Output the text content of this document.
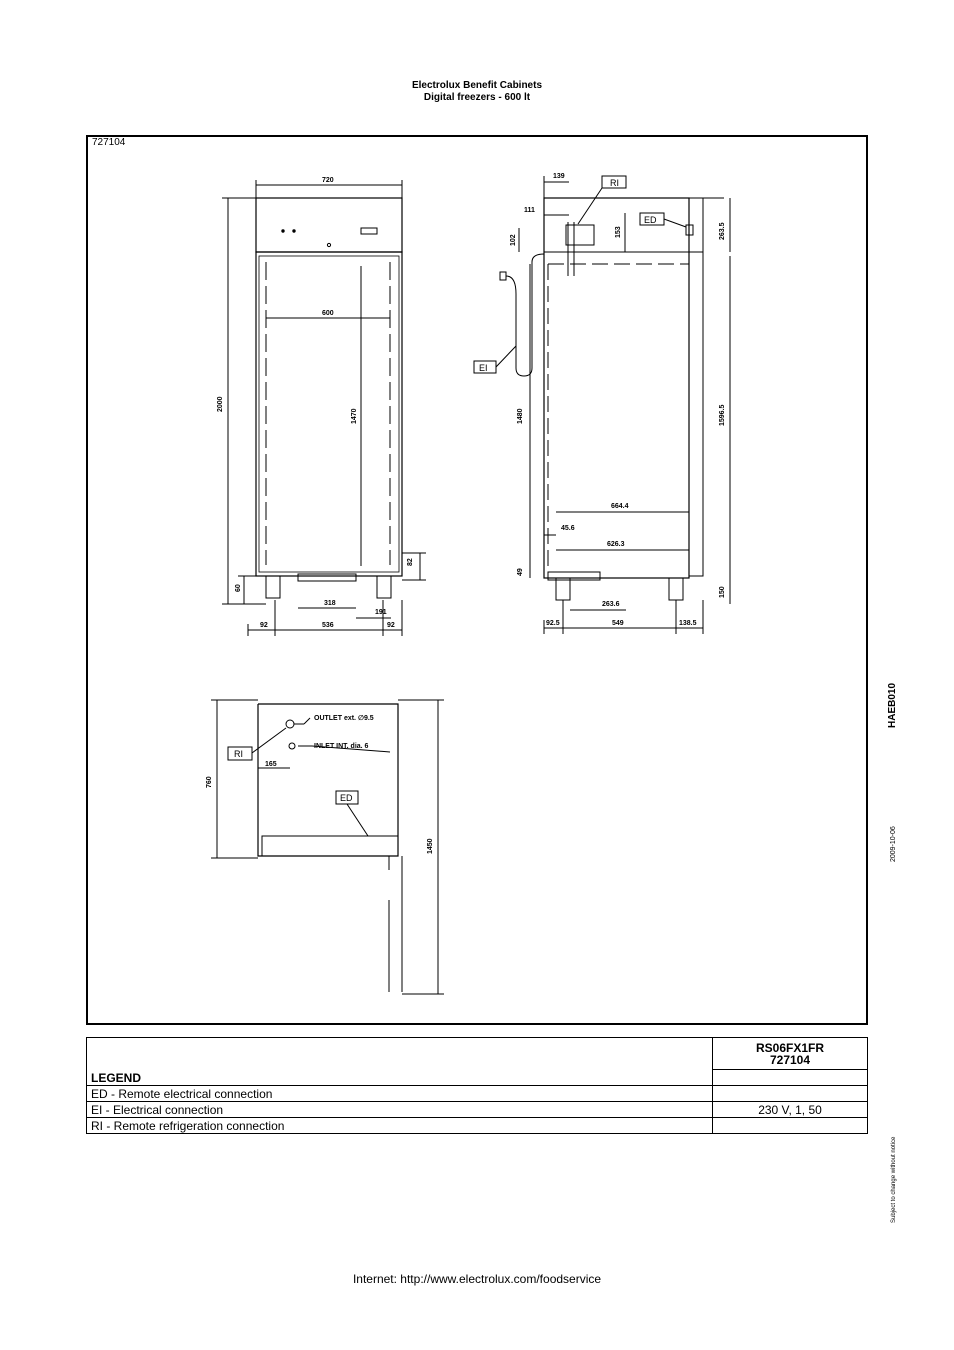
Electrolux Benefit Cabinets
Digital freezers - 600 lt
727104
720
600
2000
1470
60
82
318
191
92	536	92
139
111
102
153	263.5
1480	1596.5
664.4
45.6
626.3
49
150
263.6
92.5	549	138.5
RI
ED
EI
OUTLET ext. ∅9.5
INLET INT. dia. 6
165
760
1450
RI
ED
HAEB010
2009-10-06
Subject to change without notice
LEGEND	RS06FX1FR
727104

ED - Remote electrical connection	
EI - Electrical connection	230 V, 1, 50
RI - Remote refrigeration connection	
Internet: http://www.electrolux.com/foodservice
